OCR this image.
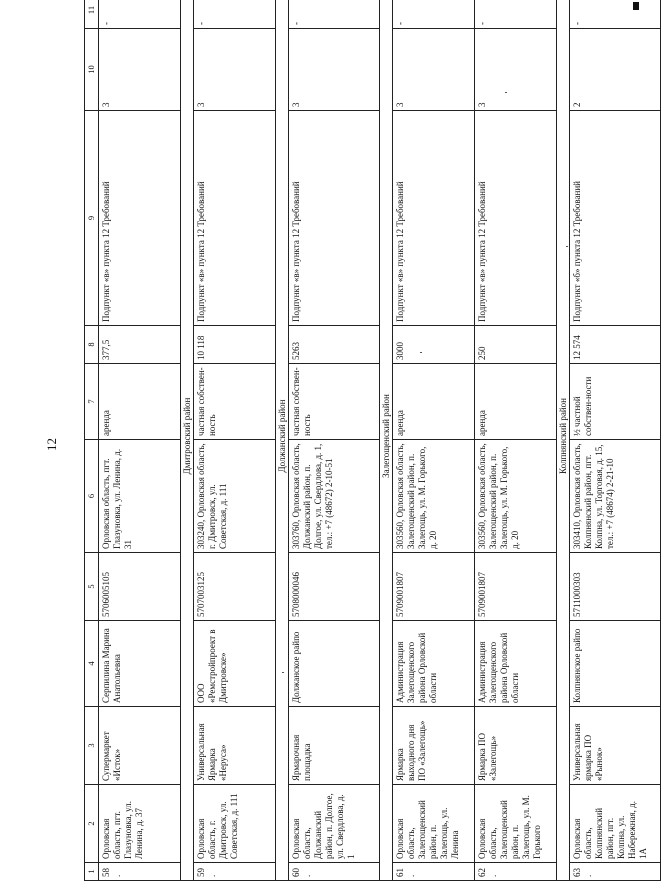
12
1	2	3	4	5	6	7	8	9	10	11
58.	Орловская область, пгт. Глазуновка, ул. Ленина, д. 37	Супермаркет «Исток»	Серпилина Марина Анатольевна	5706005105	Орловская область, пгт. Глазуновка, ул. Ленина, д. 31	аренда	377,5	Подпункт «в» пункта 12 Требований	3	-
Дмитровский район										
59.	Орловская область, г. Дмитровск, ул. Советская, д. 111	Универсальная Ярмарка «Неруса»	ООО «Ремстройпроект в Дмитровске»	5707003125	303240, Орловская область, г. Дмитровск, ул. Советская, д. 111	частная собствен-ность	10 118	Подпункт «в» пункта 12 Требований	3	-
Должанский район										
60.	Орловская область, Должанский район, п. Долгое, ул. Свердлова, д. 1	Ярмарочная площадка	Должанское райпо	5708000046	303760, Орловская область, Должанский район, п. Долгое, ул. Свердлова, д. 1, тел.: +7 (48672) 2-10-51	частная собствен-ность	5263	Подпункт «в» пункта 12 Требований	3	-
Залегощенский район										
61.	Орловская область, Залегощенский район, п. Залегощь, ул. Ленина	Ярмарка выходного дня ПО «Залегощь»	Администрация Залегощенского района Орловской области	5709001807	303560, Орловская область, Залегощенский район, п. Залегощь, ул. М. Горького, д. 20	аренда	3000	Подпункт «в» пункта 12 Требований	3	-
62.	Орловская область, Залегощенский район, п. Залегощь, ул. М. Горького	Ярмарка ПО «Залегощь»	Администрация Залегощенского района Орловской области	5709001807	303560, Орловская область, Залегощенский район, п. Залегощь, ул. М. Горького, д. 20	аренда	250	Подпункт «в» пункта 12 Требований	3	-
Колпнянский район										
63.	Орловская область, Колпнянский район, пгт. Колпна, ул. Набережная, д. 1А	Универсальная ярмарка ПО «Рынок»	Колпнянское райпо	5711000303	303410, Орловская область, Колпнянский район, пгт. Колпна, ул. Торговая, д. 15, тел.: +7 (48674) 2-21-10	½ частной собствен-ности	12 574	Подпункт «б» пункта 12 Требований	2	-
